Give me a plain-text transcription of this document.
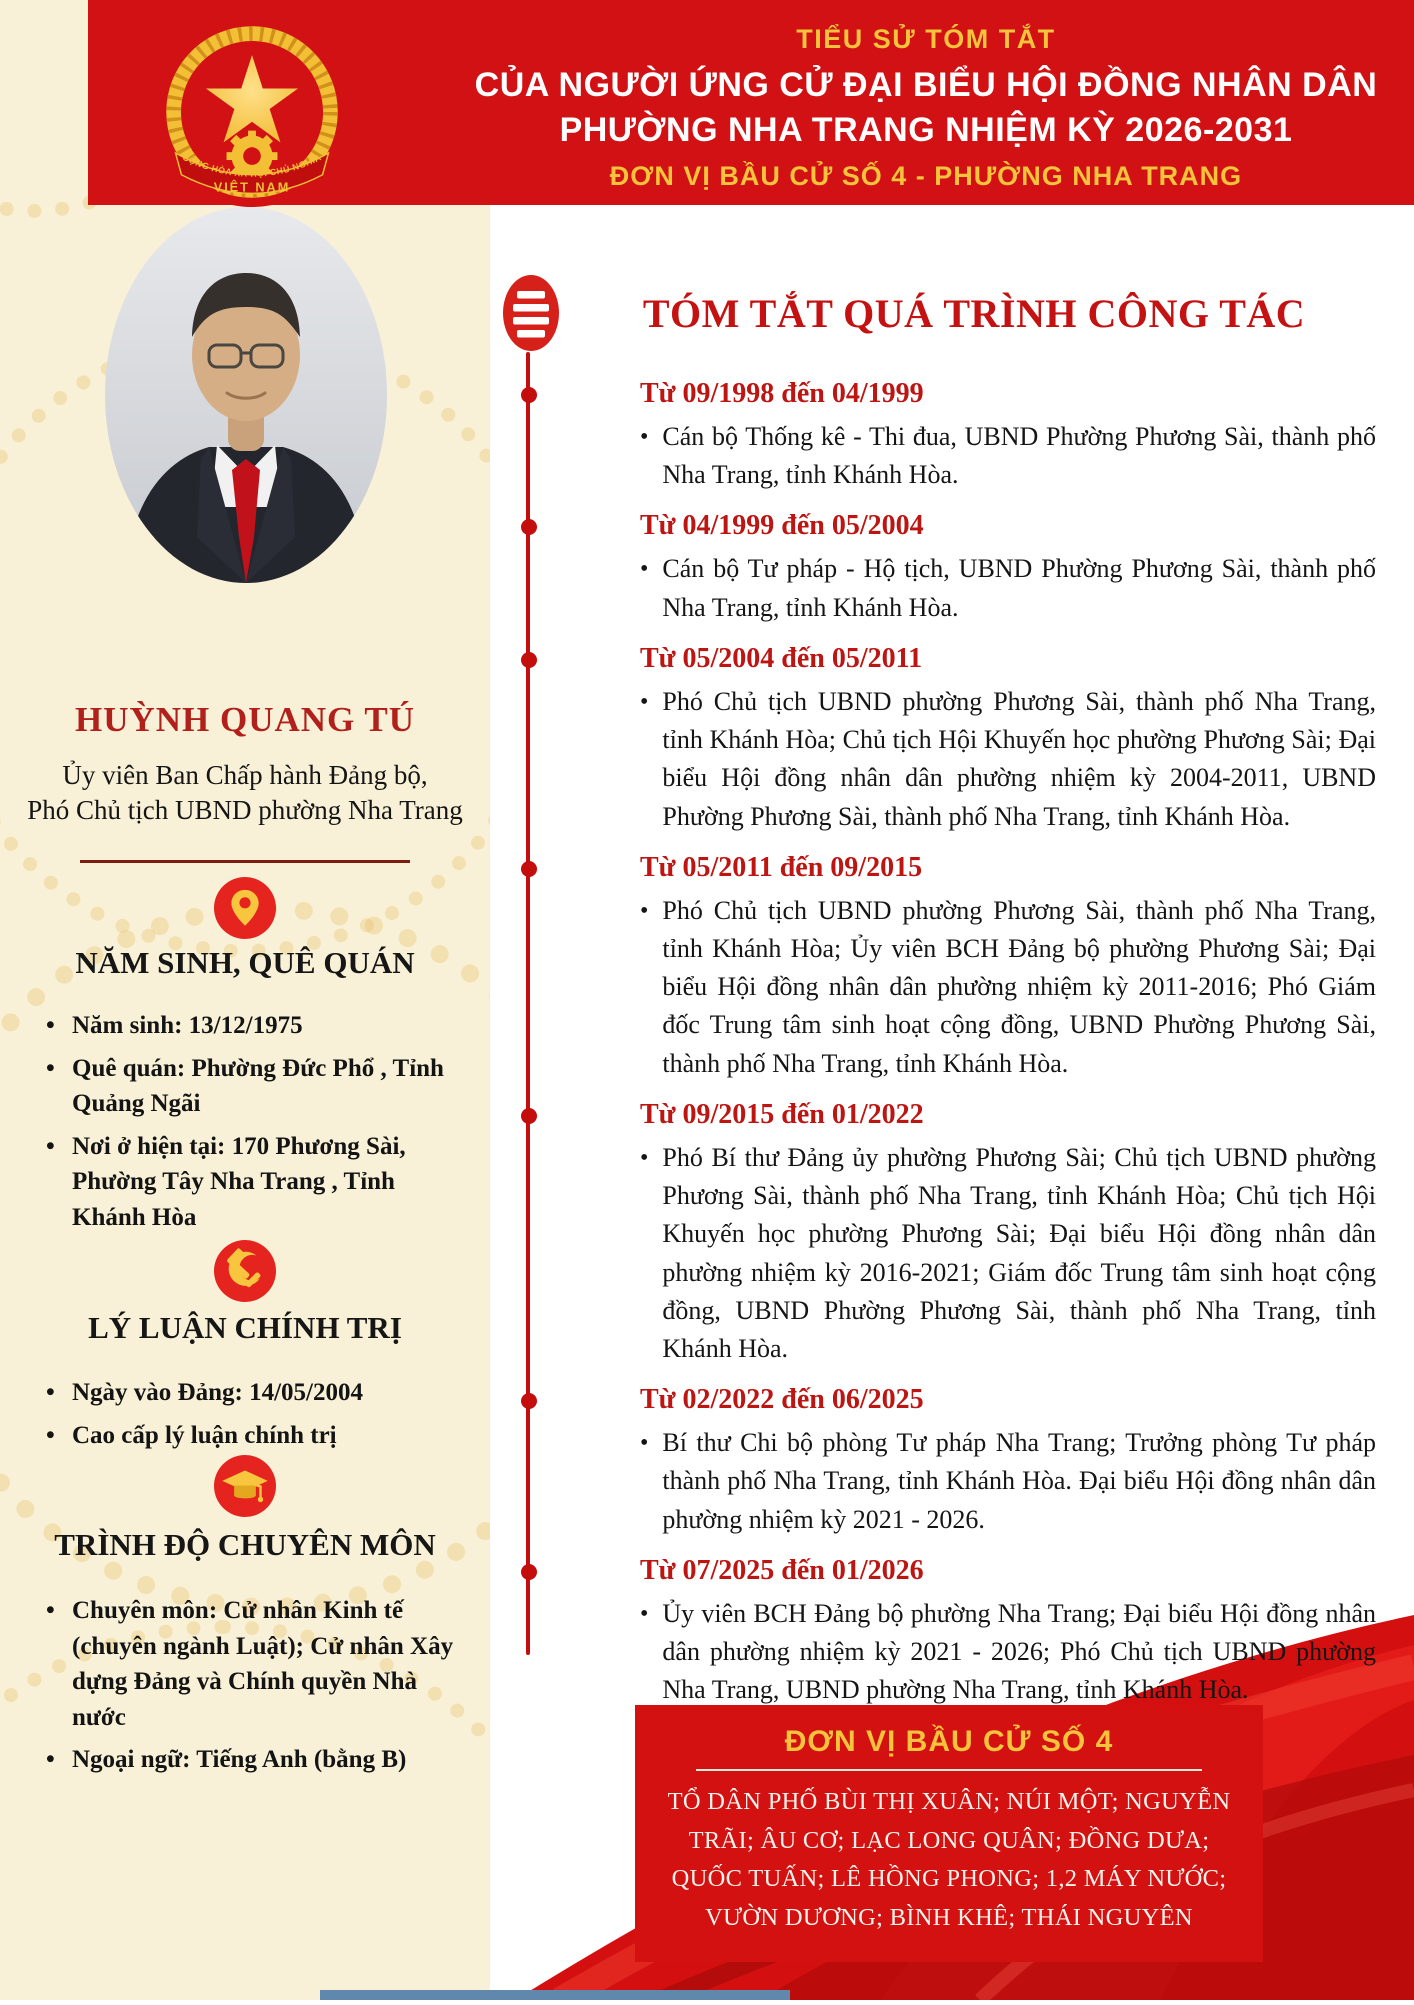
HUỲNH QUANG TÚ

Ủy viên Ban Chấp hành Đảng bộ,
Phó Chủ tịch UBND phường Nha Trang

NĂM SINH, QUÊ QUÁN
• Năm sinh: 13/12/1975
• Quê quán: Phường Đức Phổ , Tỉnh Quảng Ngãi
• Nơi ở hiện tại: 170 Phương Sài, Phường Tây Nha Trang , Tỉnh Khánh Hòa
LÝ LUẬN CHÍNH TRỊ
• Ngày vào Đảng: 14/05/2004
• Cao cấp lý luận chính trị
TRÌNH ĐỘ CHUYÊN MÔN
• Chuyên môn: Cử nhân Kinh tế (chuyên ngành Luật); Cử nhân Xây dựng Đảng và Chính quyền Nhà nước
• Ngoại ngữ: Tiếng Anh (bằng B)
CỘNG HÒA XÃ HỘI CHỦ NGHĨA
VIỆT NAM

TIỂU SỬ TÓM TẮT

CỦA NGƯỜI ỨNG CỬ ĐẠI BIỂU HỘI ĐỒNG NHÂN DÂN

PHƯỜNG NHA TRANG NHIỆM KỲ 2026-2031

ĐƠN VỊ BẦU CỬ SỐ 4 - PHƯỜNG NHA TRANG

TÓM TẮT QUÁ TRÌNH CÔNG TÁC
Từ 09/1998 đến 04/1999

• Cán bộ Thống kê - Thi đua, UBND Phường Phương Sài, thành phố Nha Trang, tỉnh Khánh Hòa.

Từ 04/1999 đến 05/2004

• Cán bộ Tư pháp - Hộ tịch, UBND Phường Phương Sài, thành phố Nha Trang, tỉnh Khánh Hòa.

Từ 05/2004 đến 05/2011

• Phó Chủ tịch UBND phường Phương Sài, thành phố Nha Trang, tỉnh Khánh Hòa; Chủ tịch Hội Khuyến học phường Phương Sài; Đại biểu Hội đồng nhân dân phường nhiệm kỳ 2004-2011, UBND Phường Phương Sài, thành phố Nha Trang, tỉnh Khánh Hòa.

Từ 05/2011 đến 09/2015

• Phó Chủ tịch UBND phường Phương Sài, thành phố Nha Trang, tỉnh Khánh Hòa; Ủy viên BCH Đảng bộ phường Phương Sài; Đại biểu Hội đồng nhân dân phường nhiệm kỳ 2011-2016; Phó Giám đốc Trung tâm sinh hoạt cộng đồng, UBND Phường Phương Sài, thành phố Nha Trang, tỉnh Khánh Hòa.

Từ 09/2015 đến 01/2022

• Phó Bí thư Đảng ủy phường Phương Sài; Chủ tịch UBND phường Phương Sài, thành phố Nha Trang, tỉnh Khánh Hòa; Chủ tịch Hội Khuyến học phường Phương Sài; Đại biểu Hội đồng nhân dân phường nhiệm kỳ 2016-2021; Giám đốc Trung tâm sinh hoạt cộng đồng, UBND Phường Phương Sài, thành phố Nha Trang, tỉnh Khánh Hòa.

Từ 02/2022 đến 06/2025

• Bí thư Chi bộ phòng Tư pháp Nha Trang; Trưởng phòng Tư pháp thành phố Nha Trang, tỉnh Khánh Hòa. Đại biểu Hội đồng nhân dân phường nhiệm kỳ 2021 - 2026.

Từ 07/2025 đến 01/2026

• Ủy viên BCH Đảng bộ phường Nha Trang; Đại biểu Hội đồng nhân dân phường nhiệm kỳ 2021 - 2026; Phó Chủ tịch UBND phường Nha Trang, UBND phường Nha Trang, tỉnh Khánh Hòa.

ĐƠN VỊ BẦU CỬ SỐ 4

TỔ DÂN PHỐ BÙI THỊ XUÂN; NÚI MỘT; NGUYỄN TRÃI; ÂU CƠ; LẠC LONG QUÂN; ĐỒNG DƯA; QUỐC TUẤN; LÊ HỒNG PHONG; 1,2 MÁY NƯỚC; VƯỜN DƯƠNG; BÌNH KHÊ; THÁI NGUYÊN
